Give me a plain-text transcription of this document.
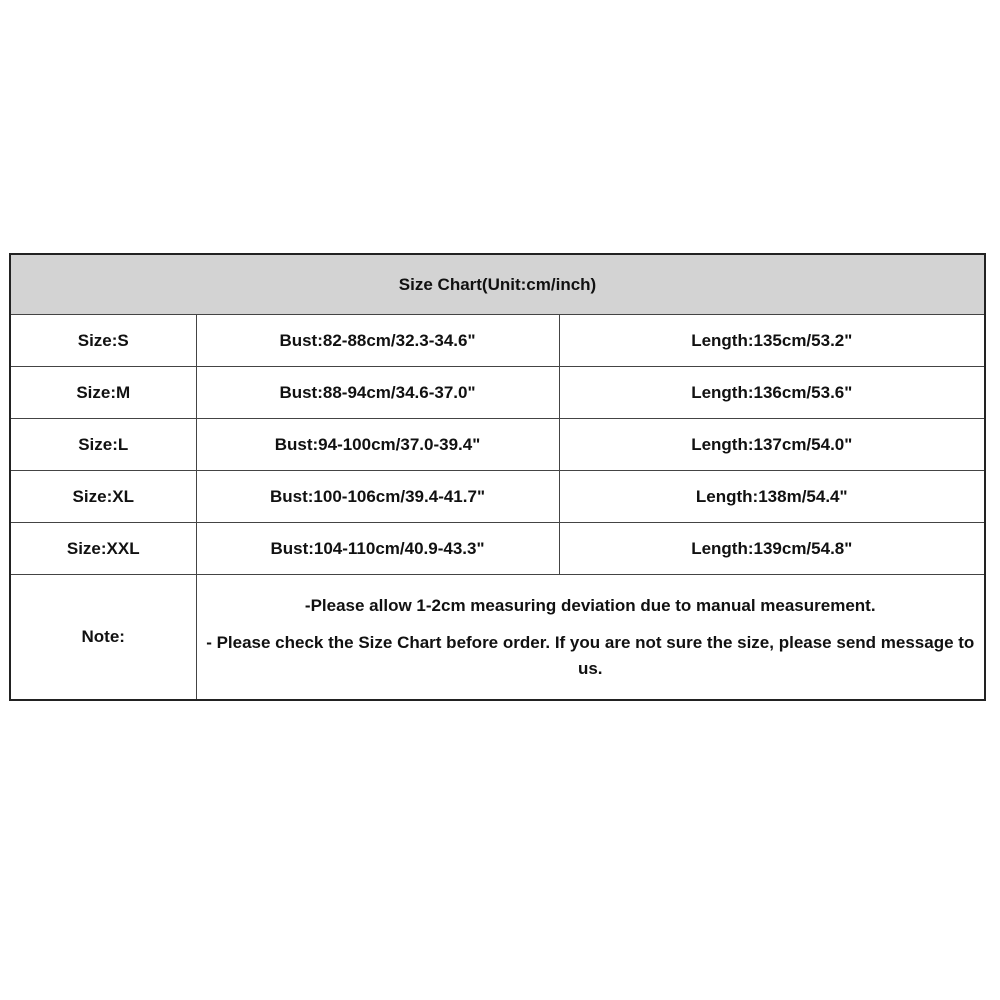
Size Chart(Unit:cm/inch)		
Size:S	Bust:82-88cm/32.3-34.6"	Length:135cm/53.2"
Size:M	Bust:88-94cm/34.6-37.0"	Length:136cm/53.6"
Size:L	Bust:94-100cm/37.0-39.4"	Length:137cm/54.0"
Size:XL	Bust:100-106cm/39.4-41.7"	Length:138m/54.4"
Size:XXL	Bust:104-110cm/40.9-43.3"	Length:139cm/54.8"
Note:	-Please allow 1-2cm measuring deviation due to manual measurement.
- Please check the Size Chart before order. If you are not sure the size, please send message to us.	
